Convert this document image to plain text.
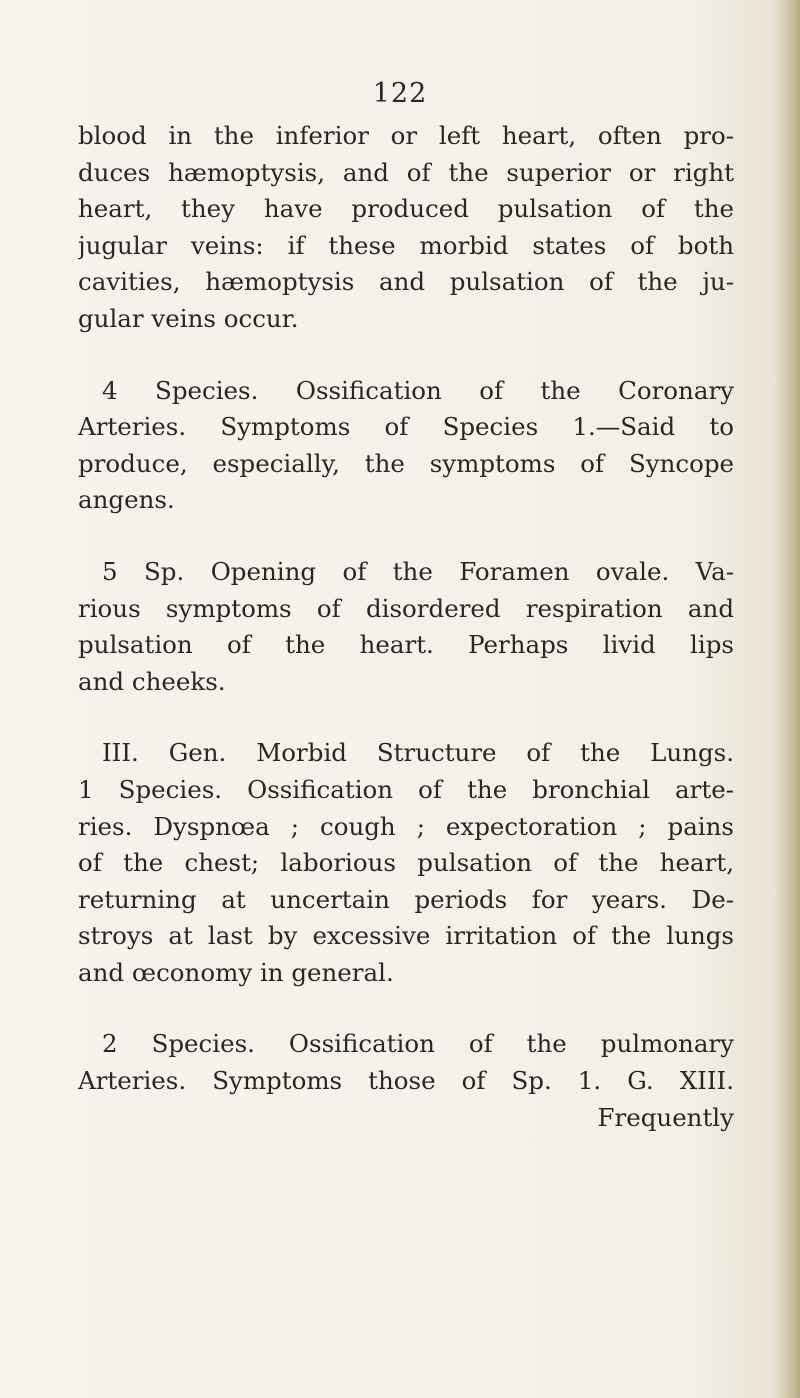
122

blood in the inferior or left heart, often pro-
duces hæmoptysis, and of the superior or right
heart, they have produced pulsation of the
jugular veins: if these morbid states of both
cavities, hæmoptysis and pulsation of the ju-
gular veins occur.

4 Species. Ossification of the Coronary
Arteries. Symptoms of Species 1.—Said to
produce, especially, the symptoms of Syncope
angens.

5 Sp. Opening of the Foramen ovale. Va-
rious symptoms of disordered respiration and
pulsation of the heart. Perhaps livid lips
and cheeks.

III. Gen. Morbid Structure of the Lungs.
1 Species. Ossification of the bronchial arte-
ries. Dyspnœa ; cough ; expectoration ; pains
of the chest; laborious pulsation of the heart,
returning at uncertain periods for years. De-
stroys at last by excessive irritation of the lungs
and œconomy in general.

2 Species. Ossification of the pulmonary
Arteries. Symptoms those of Sp. 1. G. XIII.
Frequently
